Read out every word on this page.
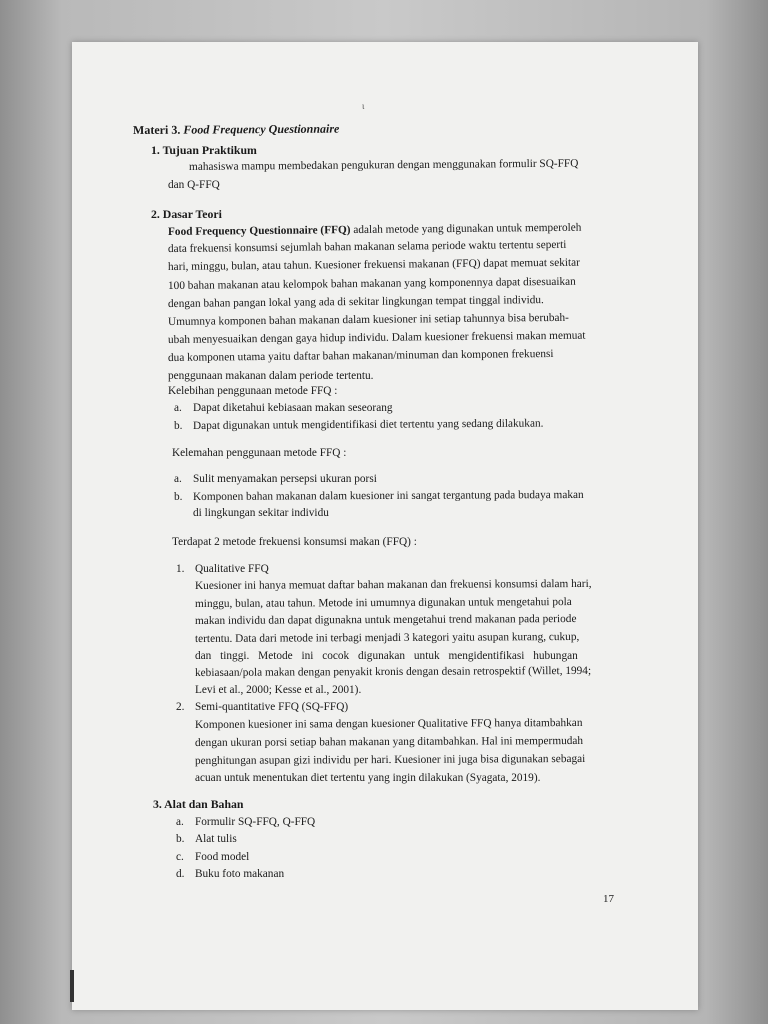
ι
Materi 3. Food Frequency Questionnaire
1. Tujuan Praktikum
mahasiswa mampu membedakan pengukuran dengan menggunakan formulir SQ-FFQ
dan Q-FFQ
2. Dasar Teori
Food Frequency Questionnaire (FFQ) adalah metode yang digunakan untuk memperoleh
data frekuensi konsumsi sejumlah bahan makanan selama periode waktu tertentu seperti
hari, minggu, bulan, atau tahun. Kuesioner frekuensi makanan (FFQ) dapat memuat sekitar
100 bahan makanan atau kelompok bahan makanan yang komponennya dapat disesuaikan
dengan bahan pangan lokal yang ada di sekitar lingkungan tempat tinggal individu.
Umumnya komponen bahan makanan dalam kuesioner ini setiap tahunnya bisa berubah-
ubah menyesuaikan dengan gaya hidup individu. Dalam kuesioner frekuensi makan memuat
dua komponen utama yaitu daftar bahan makanan/minuman dan komponen frekuensi
penggunaan makanan dalam periode tertentu.
Kelebihan penggunaan metode FFQ :
a. Dapat diketahui kebiasaan makan seseorang
b. Dapat digunakan untuk mengidentifikasi diet tertentu yang sedang dilakukan.
Kelemahan penggunaan metode FFQ :
a. Sulit menyamakan persepsi ukuran porsi
b. Komponen bahan makanan dalam kuesioner ini sangat tergantung pada budaya makan
di lingkungan sekitar individu
Terdapat 2 metode frekuensi konsumsi makan (FFQ) :
1. Qualitative FFQ
Kuesioner ini hanya memuat daftar bahan makanan dan frekuensi konsumsi dalam hari,
minggu, bulan, atau tahun. Metode ini umumnya digunakan untuk mengetahui pola
makan individu dan dapat digunakna untuk mengetahui trend makanan pada periode
tertentu. Data dari metode ini terbagi menjadi 3 kategori yaitu asupan kurang, cukup,
dan tinggi. Metode ini cocok digunakan untuk mengidentifikasi hubungan
kebiasaan/pola makan dengan penyakit kronis dengan desain retrospektif (Willet, 1994;
Levi et al., 2000; Kesse et al., 2001).
2. Semi-quantitative FFQ (SQ-FFQ)
Komponen kuesioner ini sama dengan kuesioner Qualitative FFQ hanya ditambahkan
dengan ukuran porsi setiap bahan makanan yang ditambahkan. Hal ini mempermudah
penghitungan asupan gizi individu per hari. Kuesioner ini juga bisa digunakan sebagai
acuan untuk menentukan diet tertentu yang ingin dilakukan (Syagata, 2019).
3. Alat dan Bahan
a. Formulir SQ-FFQ, Q-FFQ
b. Alat tulis
c. Food model
d. Buku foto makanan
17
